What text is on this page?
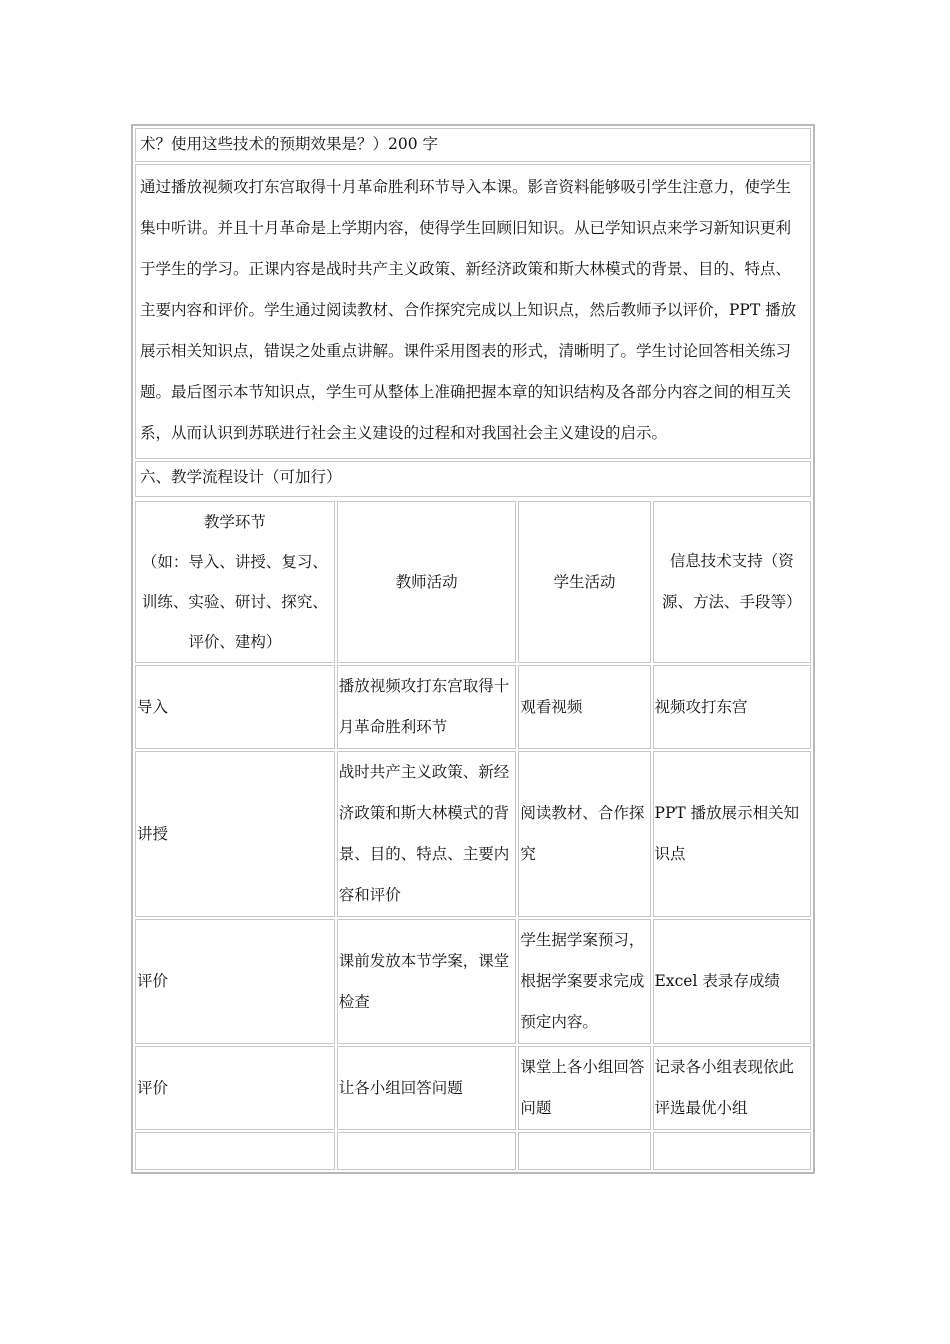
术？使用这些技术的预期效果是？）200 字
通过播放视频攻打东宫取得十月革命胜利环节导入本课。影音资料能够吸引学生注意力，使学生集中听讲。并且十月革命是上学期内容，使得学生回顾旧知识。从已学知识点来学习新知识更利于学生的学习。正课内容是战时共产主义政策、新经济政策和斯大林模式的背景、目的、特点、主要内容和评价。学生通过阅读教材、合作探究完成以上知识点，然后教师予以评价，PPT 播放展示相关知识点，错误之处重点讲解。课件采用图表的形式，清晰明了。学生讨论回答相关练习题。最后图示本节知识点，学生可从整体上准确把握本章的知识结构及各部分内容之间的相互关系，从而认识到苏联进行社会主义建设的过程和对我国社会主义建设的启示。
六、教学流程设计（可加行）
教学环节
（如：导入、讲授、复习、训练、实验、研讨、探究、评价、建构）	教师活动	学生活动	信息技术支持（资源、方法、手段等）
导入	播放视频攻打东宫取得十月革命胜利环节	观看视频	视频攻打东宫
讲授	战时共产主义政策、新经济政策和斯大林模式的背景、目的、特点、主要内容和评价	阅读教材、合作探究	PPT 播放展示相关知识点
评价	课前发放本节学案，课堂检查	学生据学案预习，根据学案要求完成预定内容。	Excel 表录存成绩
评价	让各小组回答问题	课堂上各小组回答问题	记录各小组表现依此评选最优小组
